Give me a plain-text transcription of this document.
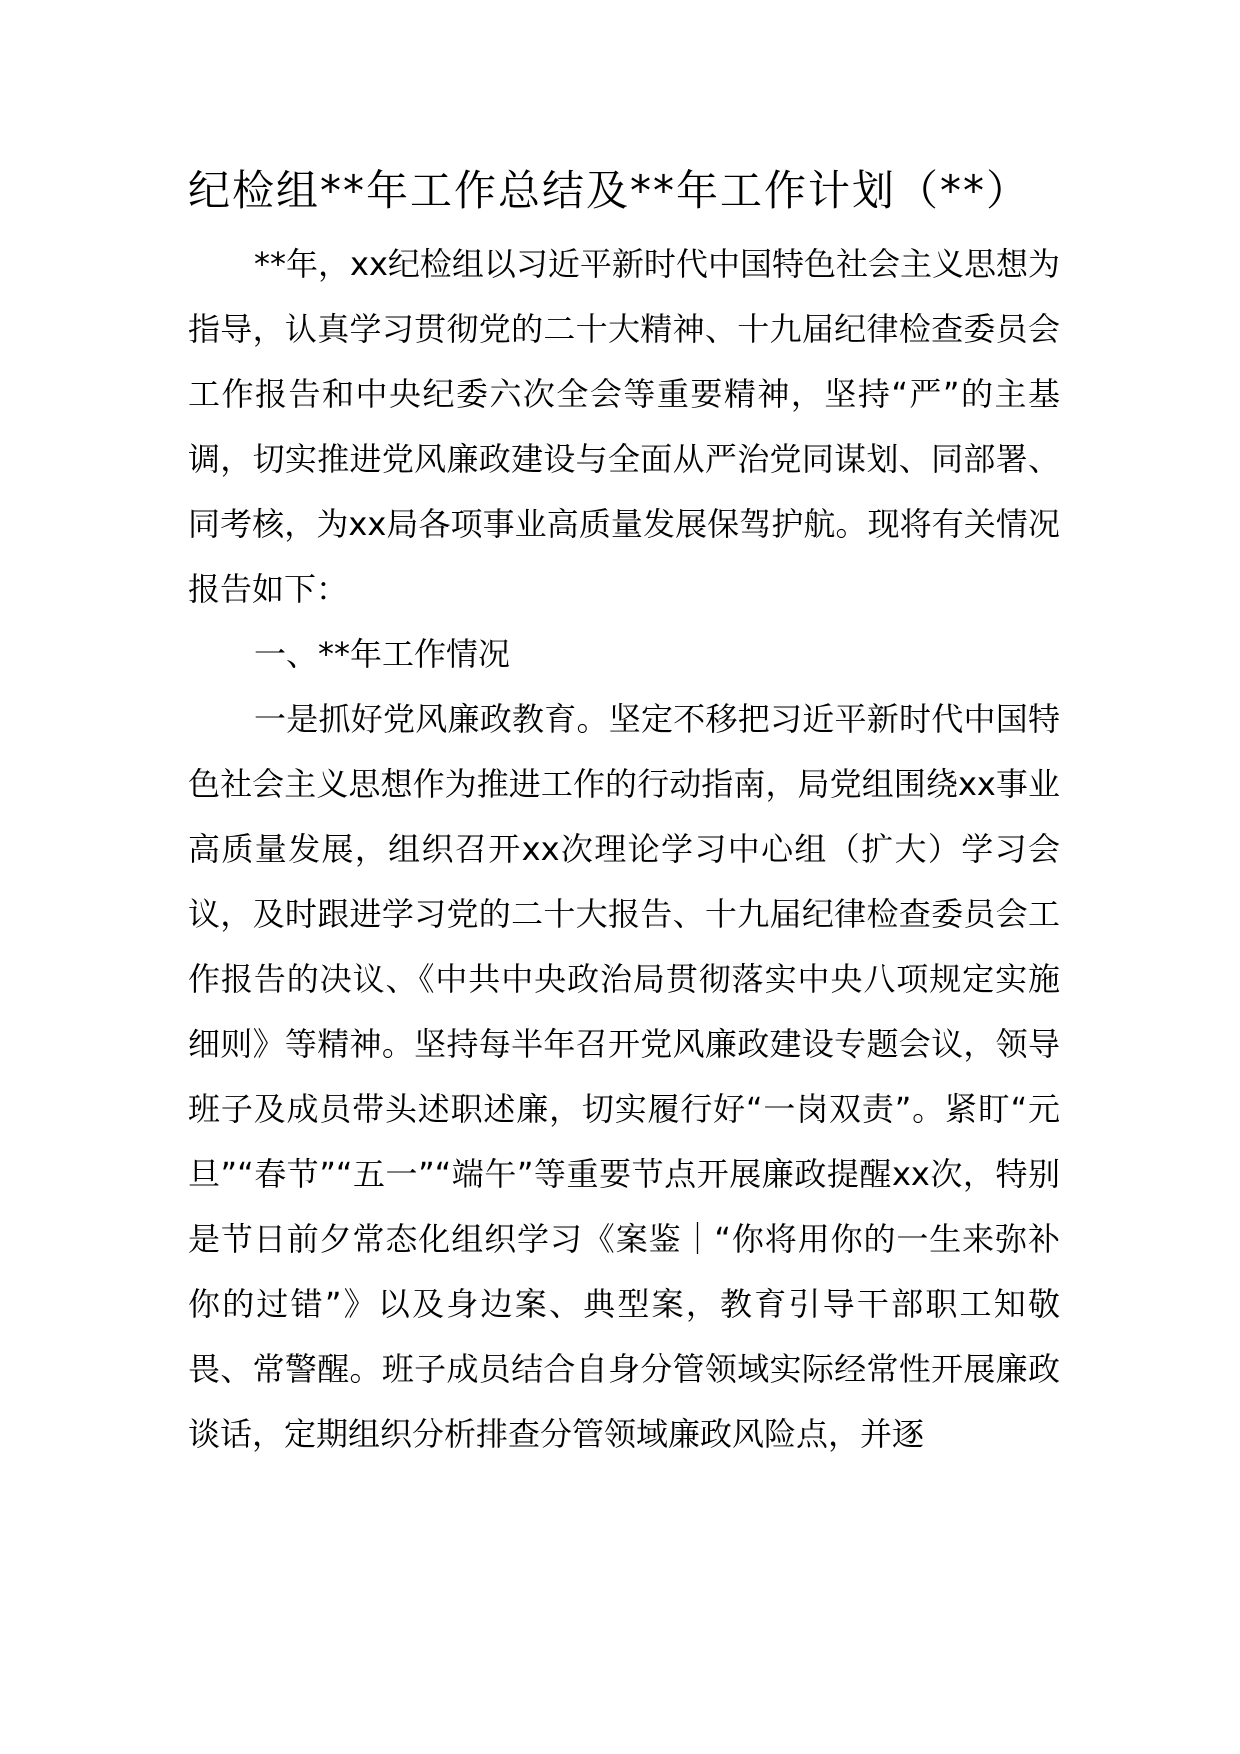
纪检组**年工作总结及**年工作计划（**）

**年，xx纪检组以习近平新时代中国特色社会主义思想为指导，认真学习贯彻党的二十大精神、十九届纪律检查委员会工作报告和中央纪委六次全会等重要精神，坚持“严”的主基调，切实推进党风廉政建设与全面从严治党同谋划、同部署、同考核，为xx局各项事业高质量发展保驾护航。现将有关情况报告如下：

一、**年工作情况

一是抓好党风廉政教育。坚定不移把习近平新时代中国特色社会主义思想作为推进工作的行动指南，局党组围绕xx事业高质量发展，组织召开xx次理论学习中心组（扩大）学习会议，及时跟进学习党的二十大报告、十九届纪律检查委员会工作报告的决议、《中共中央政治局贯彻落实中央八项规定实施细则》等精神。坚持每半年召开党风廉政建设专题会议，领导班子及成员带头述职述廉，切实履行好“一岗双责”。紧盯“元旦”“春节”“五一”“端午”等重要节点开展廉政提醒xx次，特别是节日前夕常态化组织学习《案鉴｜“你将用你的一生来弥补你的过错”》以及身边案、典型案，教育引导干部职工知敬畏、常警醒。班子成员结合自身分管领域实际经常性开展廉政谈话，定期组织分析排查分管领域廉政风险点，并逐
